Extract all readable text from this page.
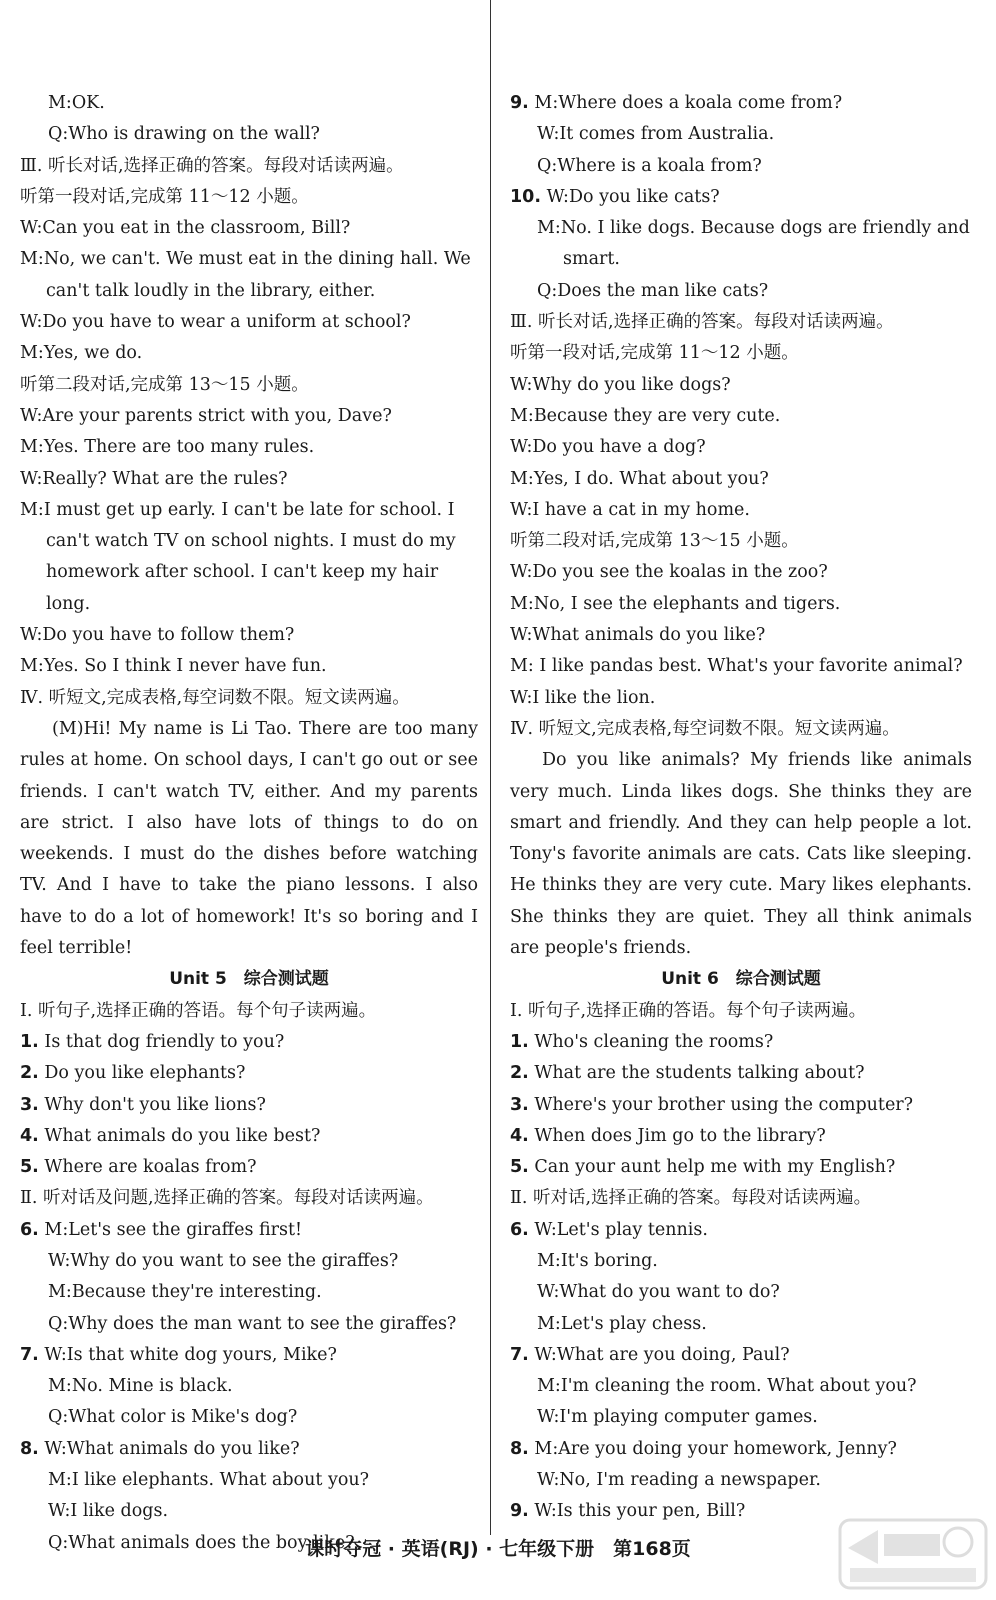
M:OK.
Q:Who is drawing on the wall?
Ⅲ. 听长对话,选择正确的答案。每段对话读两遍。
听第一段对话,完成第 11～12 小题。
W:Can you eat in the classroom, Bill?
M:No, we can't. We must eat in the dining hall. We can't talk loudly in the library, either.
W:Do you have to wear a uniform at school?
M:Yes, we do.
听第二段对话,完成第 13～15 小题。
W:Are your parents strict with you, Dave?
M:Yes. There are too many rules.
W:Really? What are the rules?
M:I must get up early. I can't be late for school. I can't watch TV on school nights. I must do my homework after school. I can't keep my hair long.
W:Do you have to follow them?
M:Yes. So I think I never have fun.
Ⅳ. 听短文,完成表格,每空词数不限。短文读两遍。
(M)Hi! My name is Li Tao. There are too many rules at home. On school days, I can't go out or see friends. I can't watch TV, either. And my parents are strict. I also have lots of things to do on weekends. I must do the dishes before watching TV. And I have to take the piano lessons. I also have to do a lot of homework! It's so boring and I feel terrible!
Unit 5　综合测试题
Ⅰ. 听句子,选择正确的答语。每个句子读两遍。
1. Is that dog friendly to you?
2. Do you like elephants?
3. Why don't you like lions?
4. What animals do you like best?
5. Where are koalas from?
Ⅱ. 听对话及问题,选择正确的答案。每段对话读两遍。
6. M:Let's see the giraffes first!
W:Why do you want to see the giraffes?
M:Because they're interesting.
Q:Why does the man want to see the giraffes?
7. W:Is that white dog yours, Mike?
M:No. Mine is black.
Q:What color is Mike's dog?
8. W:What animals do you like?
M:I like elephants. What about you?
W:I like dogs.
Q:What animals does the boy like?
9. M:Where does a koala come from?
W:It comes from Australia.
Q:Where is a koala from?
10. W:Do you like cats?
M:No. I like dogs. Because dogs are friendly and smart.
Q:Does the man like cats?
Ⅲ. 听长对话,选择正确的答案。每段对话读两遍。
听第一段对话,完成第 11～12 小题。
W:Why do you like dogs?
M:Because they are very cute.
W:Do you have a dog?
M:Yes, I do. What about you?
W:I have a cat in my home.
听第二段对话,完成第 13～15 小题。
W:Do you see the koalas in the zoo?
M:No, I see the elephants and tigers.
W:What animals do you like?
M: I like pandas best. What's your favorite animal?
W:I like the lion.
Ⅳ. 听短文,完成表格,每空词数不限。短文读两遍。
Do you like animals? My friends like animals very much. Linda likes dogs. She thinks they are smart and friendly. And they can help people a lot. Tony's favorite animals are cats. Cats like sleeping. He thinks they are very cute. Mary likes elephants. She thinks they are quiet. They all think animals are people's friends.
Unit 6　综合测试题
Ⅰ. 听句子,选择正确的答语。每个句子读两遍。
1. Who's cleaning the rooms?
2. What are the students talking about?
3. Where's your brother using the computer?
4. When does Jim go to the library?
5. Can your aunt help me with my English?
Ⅱ. 听对话,选择正确的答案。每段对话读两遍。
6. W:Let's play tennis.
M:It's boring.
W:What do you want to do?
M:Let's play chess.
7. W:What are you doing, Paul?
M:I'm cleaning the room. What about you?
W:I'm playing computer games.
8. M:Are you doing your homework, Jenny?
W:No, I'm reading a newspaper.
9. W:Is this your pen, Bill?
课时夺冠 · 英语(RJ) · 七年级下册　第168页
